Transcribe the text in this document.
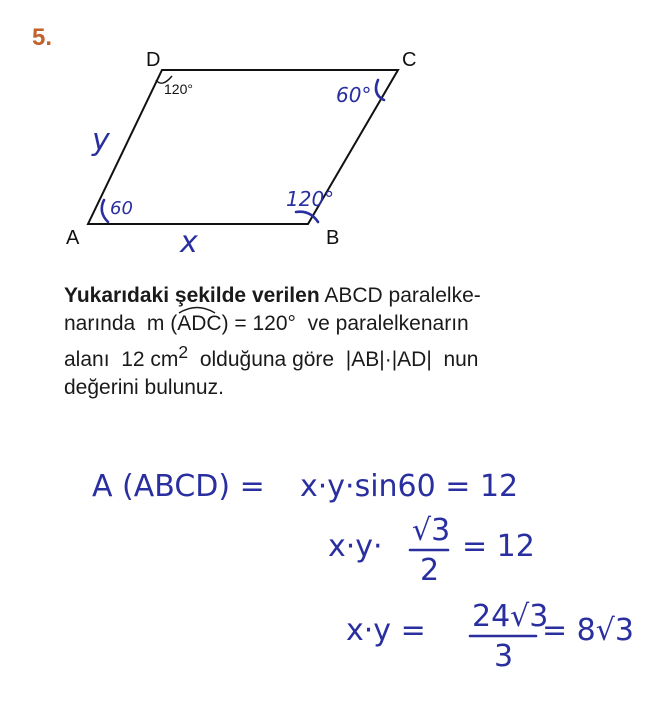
5.
D	C
A	B
120°
y
x
60	120°
60°
Yukarıdaki şekilde verilen ABCD paralelke-
narında m (
ADC) = 120° ve paralelkenarın
alanı 12 $cm^2$ olduğuna göre |AB|·|AD| nun
değerini bulunuz.
A (ABCD) = x·y·sin60 = 12
x·y· √3
2
= 12
x·y = 24√3
3
= 8√3
